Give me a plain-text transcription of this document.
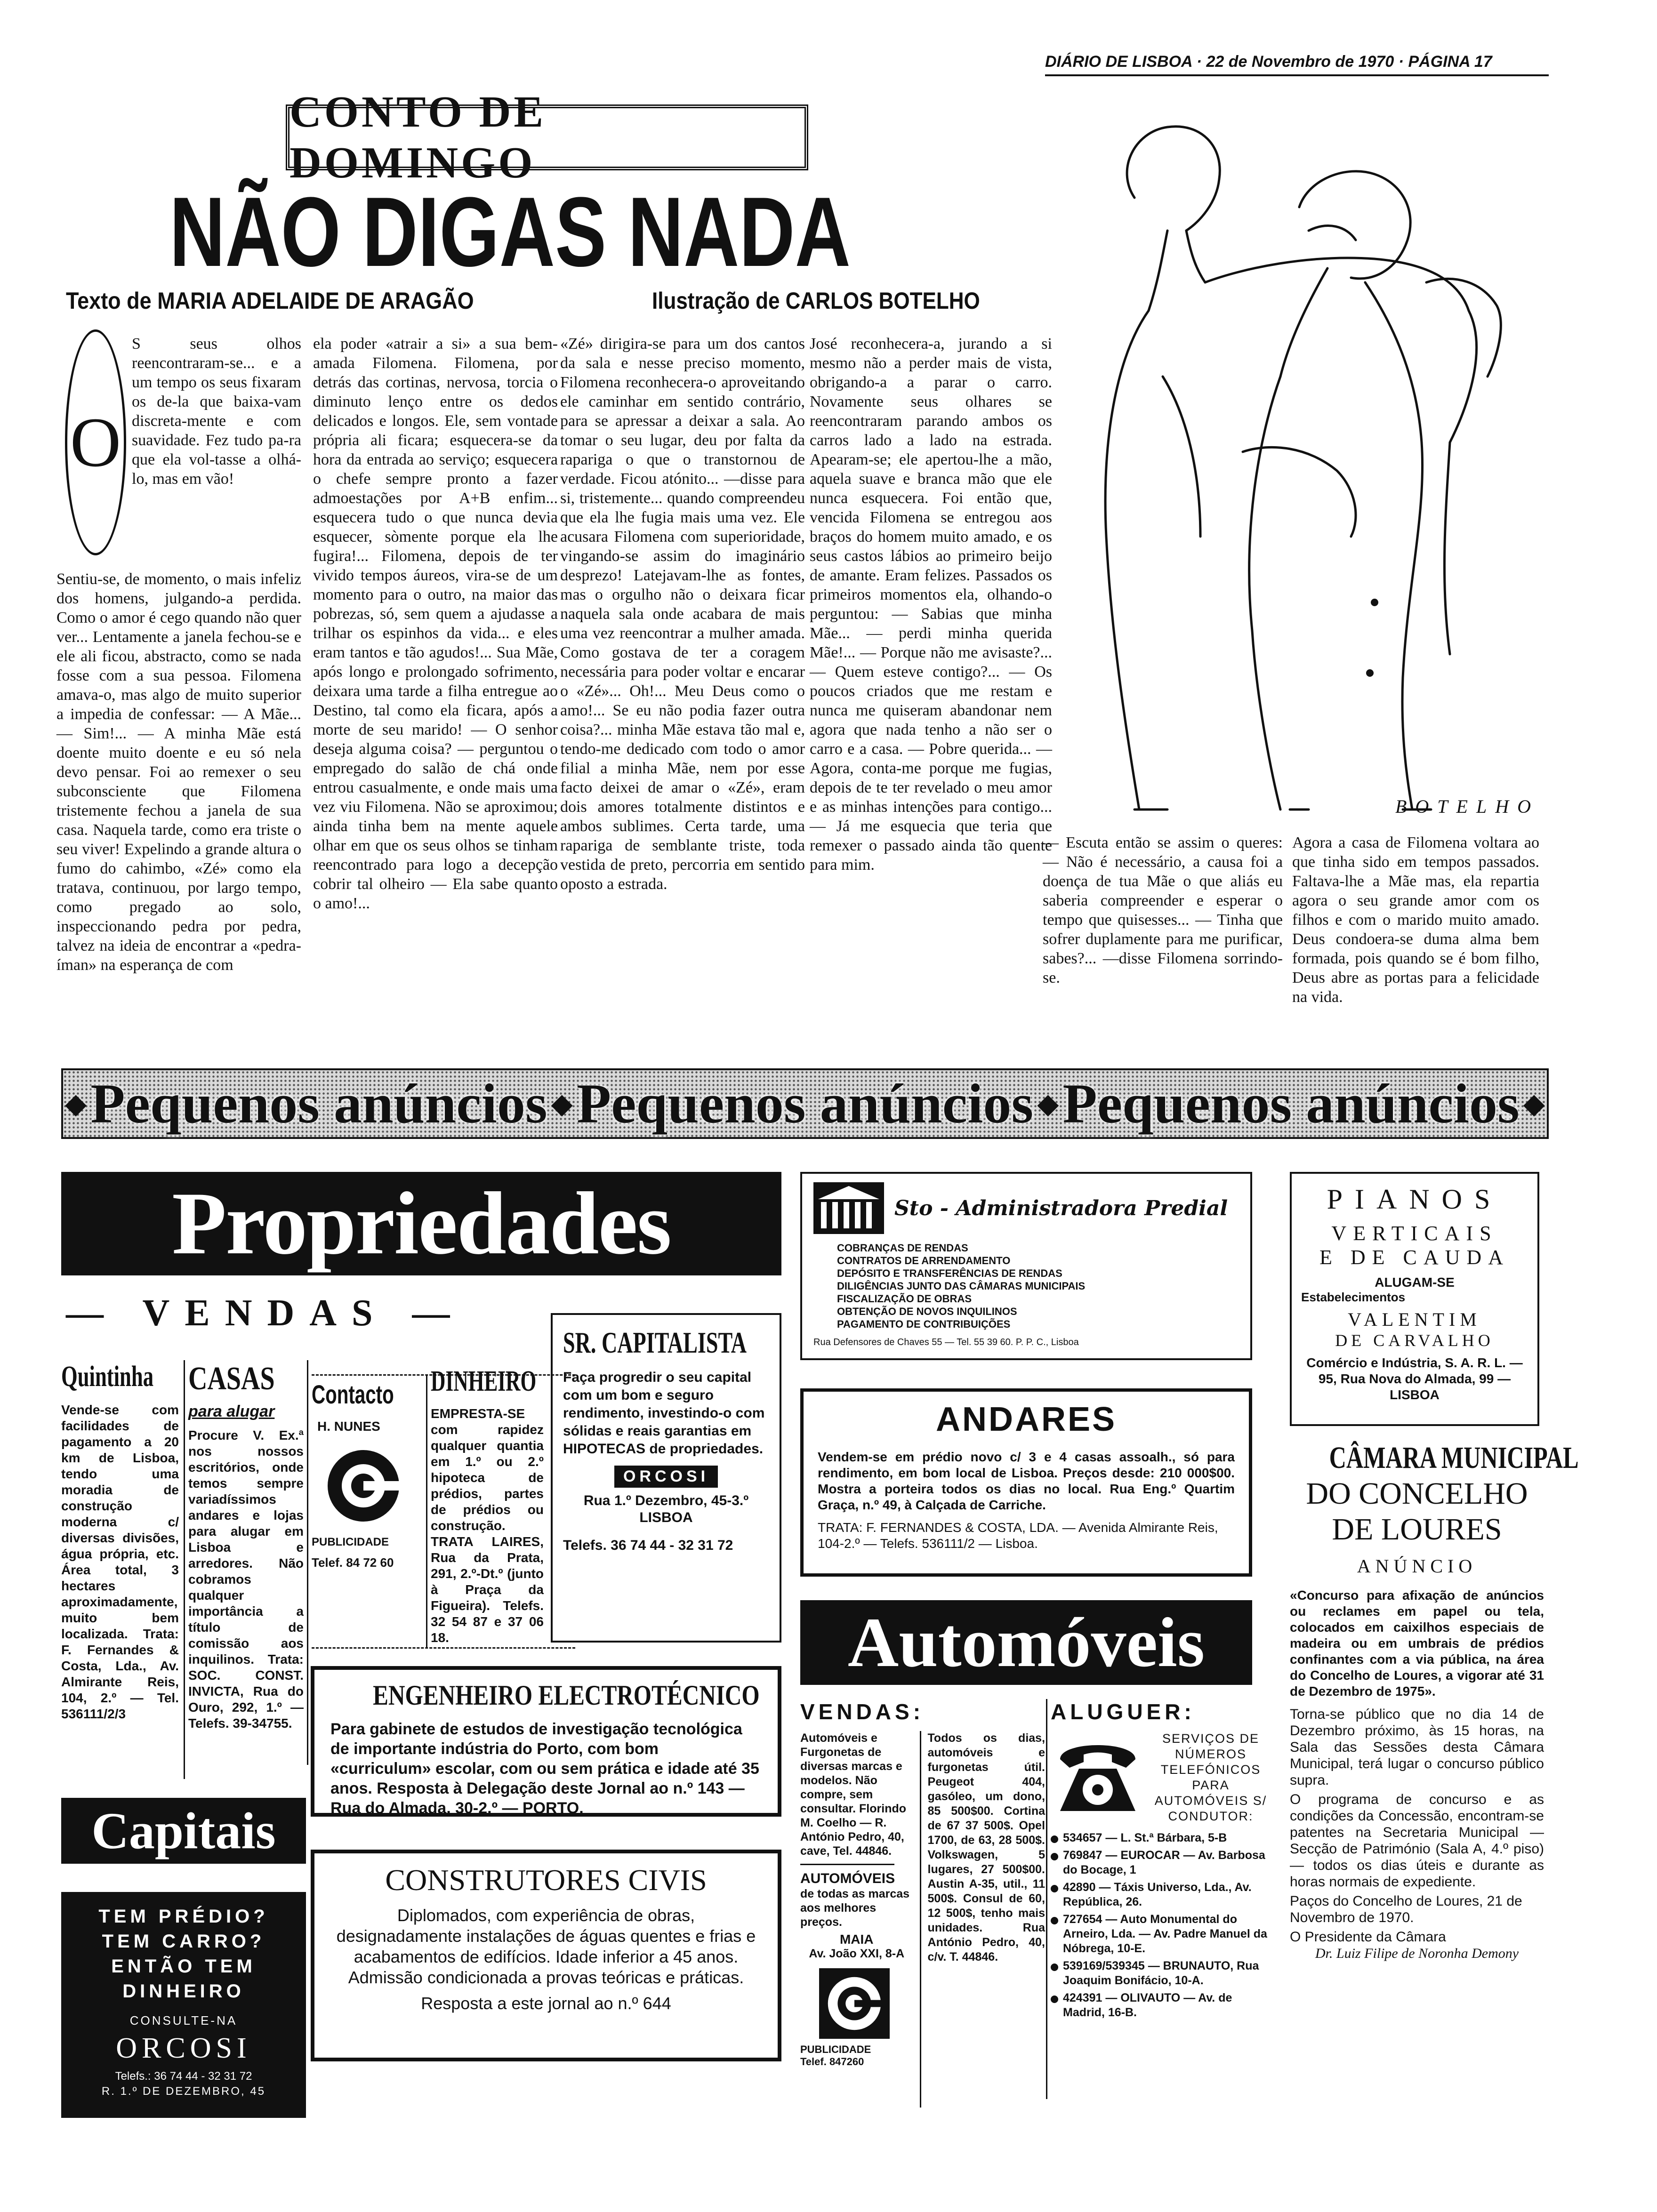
DIÁRIO DE LISBOA · 22 de Novembro de 1970 · PÁGINA 17
CONTO DE DOMINGO
NÃO DIGAS NADA
Texto de MARIA ADELAIDE DE ARAGÃO	Ilustração de CARLOS BOTELHO
BOTELHO
O
S seus olhos reencontraram-se... e a um tempo os seus fixaram os de-la que baixa-vam discreta-mente e com suavidade. Fez tudo pa-ra que ela vol-tasse a olhá-lo, mas em vão!
Sentiu-se, de momento, o mais infeliz dos homens, julgando-a perdida. Como o amor é cego quando não quer ver... Lentamente a janela fechou-se e ele ali ficou, abstracto, como se nada fosse com a sua pessoa. Filomena amava-o, mas algo de muito superior a impedia de confessar: — A Mãe... — Sim!... — A minha Mãe está doente muito doente e eu só nela devo pensar. Foi ao remexer o seu subconsciente que Filomena tristemente fechou a janela de sua casa. Naquela tarde, como era triste o seu viver! Expelindo a grande altura o fumo do cahimbo, «Zé» como ela tratava, continuou, por largo tempo, como pregado ao solo, inspeccionando pedra por pedra, talvez na ideia de encontrar a «pedra-íman» na esperança de com
ela poder «atrair a si» a sua bem-amada Filomena. Filomena, por detrás das cortinas, nervosa, torcia o diminuto lenço entre os dedos delicados e longos. Ele, sem vontade própria ali ficara; esquecera-se da hora da entrada ao serviço; esquecera o chefe sempre pronto a fazer admoestações por A+B enfim... esquecera tudo o que nunca devia esquecer, sòmente porque ela lhe fugira!... Filomena, depois de ter vivido tempos áureos, vira-se de um momento para o outro, na maior das pobrezas, só, sem quem a ajudasse a trilhar os espinhos da vida... e eles eram tantos e tão agudos!... Sua Mãe, após longo e prolongado sofrimento, deixara uma tarde a filha entregue ao Destino, tal como ela ficara, após a morte de seu marido! — O senhor deseja alguma coisa? — perguntou o empregado do salão de chá onde entrou casualmente, e onde mais uma vez viu Filomena. Não se aproximou; ainda tinha bem na mente aquele olhar em que os seus olhos se tinham reencontrado para logo a decepção cobrir tal olheiro — Ela sabe quanto o amo!...
«Zé» dirigira-se para um dos cantos da sala e nesse preciso momento, Filomena reconhecera-o aproveitando ele caminhar em sentido contrário, para se apressar a deixar a sala. Ao tomar o seu lugar, deu por falta da rapariga o que o transtornou de verdade. Ficou atónito... —disse para si, tristemente... quando compreendeu que ela lhe fugia mais uma vez. Ele acusara Filomena com superioridade, vingando-se assim do imaginário desprezo! Latejavam-lhe as fontes, mas o orgulho não o deixara ficar naquela sala onde acabara de mais uma vez reencontrar a mulher amada. Como gostava de ter a coragem necessária para poder voltar e encarar o «Zé»... Oh!... Meu Deus como o amo!... Se eu não podia fazer outra coisa?... minha Mãe estava tão mal e, tendo-me dedicado com todo o amor filial a minha Mãe, nem por esse facto deixei de amar o «Zé», eram dois amores totalmente distintos e ambos sublimes. Certa tarde, uma rapariga de semblante triste, toda vestida de preto, percorria em sentido oposto a estrada.
José reconhecera-a, jurando a si mesmo não a perder mais de vista, obrigando-a a parar o carro. Novamente seus olhares se reencontraram parando ambos os carros lado a lado na estrada. Apearam-se; ele apertou-lhe a mão, aquela suave e branca mão que ele nunca esquecera. Foi então que, vencida Filomena se entregou aos braços do homem muito amado, e os seus castos lábios ao primeiro beijo de amante. Eram felizes. Passados os primeiros momentos ela, olhando-o perguntou: — Sabias que minha Mãe... — perdi minha querida Mãe!... — Porque não me avisaste?... — Quem esteve contigo?... — Os poucos criados que me restam e nunca me quiseram abandonar nem agora que nada tenho a não ser o carro e a casa. — Pobre querida... — Agora, conta-me porque me fugias, depois de te ter revelado o meu amor e as minhas intenções para contigo... — Já me esquecia que teria que remexer o passado ainda tão quente para mim.
— Escuta então se assim o queres: — Não é necessário, a causa foi a doença de tua Mãe o que aliás eu saberia compreender e esperar o tempo que quisesses... — Tinha que sofrer duplamente para me purificar, sabes?... —disse Filomena sorrindo-se.
Agora a casa de Filomena voltara ao que tinha sido em tempos passados. Faltava-lhe a Mãe mas, ela repartia agora o seu grande amor com os filhos e com o marido muito amado. Deus condoera-se duma alma bem formada, pois quando se é bom filho, Deus abre as portas para a felicidade na vida.
◆ Pequenos anúncios ◆ Pequenos anúncios ◆ Pequenos anúncios ◆
Propriedades
— VENDAS —
Quintinha
Vende-se com facilidades de pagamento a 20 km de Lisboa, tendo uma moradia de construção moderna c/ diversas divisões, água própria, etc. Área total, 3 hectares aproximadamente, muito bem localizada. Trata: F. Fernandes & Costa, Lda., Av. Almirante Reis, 104, 2.º — Tel. 536111/2/3
CASAS
para alugar
Procure V. Ex.ª nos nossos escritórios, onde temos sempre variadíssimos andares e lojas para alugar em Lisboa e arredores. Não cobramos qualquer importância a título de comissão aos inquilinos. Trata: SOC. CONST. INVICTA, Rua do Ouro, 292, 1.º — Telefs. 39-34755.
Contacto
H. NUNES
PUBLICIDADE
Telef. 84 72 60
DINHEIRO
EMPRESTA-SE com rapidez qualquer quantia em 1.º ou 2.º hipoteca de prédios, partes de prédios ou construção. TRATA LAIRES, Rua da Prata, 291, 2.º-Dt.º (junto à Praça da Figueira). Telefs. 32 54 87 e 37 06 18.
SR. CAPITALISTA
Faça progredir o seu capital com um bom e seguro rendimento, investindo-o com sólidas e reais garantias em HIPOTECAS de propriedades.
ORCOSI
Rua 1.º Dezembro, 45-3.º LISBOA
Telefs. 36 74 44 - 32 31 72
Capitais
TEM PRÉDIO?
TEM CARRO?
ENTÃO TEM
DINHEIRO
CONSULTE-NA
ORCOSI
Telefs.: 36 74 44 - 32 31 72
R. 1.º DE DEZEMBRO, 45
ENGENHEIRO ELECTROTÉCNICO
Para gabinete de estudos de investigação tecnológica de importante indústria do Porto, com bom «curriculum» escolar, com ou sem prática e idade até 35 anos. Resposta à Delegação deste Jornal ao n.º 143 — Rua do Almada, 30-2.º — PORTO.
CONSTRUTORES CIVIS
Diplomados, com experiência de obras, designadamente instalações de águas quentes e frias e acabamentos de edifícios. Idade inferior a 45 anos. Admissão condicionada a provas teóricas e práticas.
Resposta a este jornal ao n.º 644
Sto - Administradora Predial
COBRANÇAS DE RENDAS
CONTRATOS DE ARRENDAMENTO
DEPÓSITO E TRANSFERÊNCIAS DE RENDAS
DILIGÊNCIAS JUNTO DAS CÂMARAS MUNICIPAIS
FISCALIZAÇÃO DE OBRAS
OBTENÇÃO DE NOVOS INQUILINOS
PAGAMENTO DE CONTRIBUIÇÕES
Rua Defensores de Chaves 55 — Tel. 55 39 60. P. P. C., Lisboa
PIANOS
VERTICAIS
E DE CAUDA
ALUGAM-SE
Estabelecimentos
VALENTIM
DE CARVALHO
Comércio e Indústria, S. A. R. L. — 95, Rua Nova do Almada, 99 — LISBOA
ANDARES
Vendem-se em prédio novo c/ 3 e 4 casas assoalh., só para rendimento, em bom local de Lisboa. Preços desde: 210 000$00. Mostra a porteira todos os dias no local. Rua Eng.º Quartim Graça, n.º 49, à Calçada de Carriche.
TRATA: F. FERNANDES & COSTA, LDA. — Avenida Almirante Reis, 104-2.º — Telefs. 536111/2 — Lisboa.
Automóveis
VENDAS:
Automóveis e Furgonetas de diversas marcas e modelos. Não compre, sem consultar. Florindo M. Coelho — R. António Pedro, 40, cave, Tel. 44846.
AUTOMÓVEIS
de todas as marcas aos melhores preços.
MAIA
Av. João XXI, 8-A
PUBLICIDADE
Telef. 847260
Todos os dias, automóveis e furgonetas útil. Peugeot 404, gasóleo, um dono, 85 500$00. Cortina de 67 37 500$. Opel 1700, de 63, 28 500$. Volkswagen, 5 lugares, 27 500$00. Austin A-35, util., 11 500$. Consul de 60, 12 500$, tenho mais unidades. Rua António Pedro, 40, c/v. T. 44846.
ALUGUER:
SERVIÇOS DE NÚMEROS TELEFÓNICOS PARA AUTOMÓVEIS S/ CONDUTOR:
534657 — L. St.ª Bárbara, 5-B
769847 — EUROCAR — Av. Barbosa do Bocage, 1
42890 — Táxis Universo, Lda., Av. República, 26.
727654 — Auto Monumental do Arneiro, Lda. — Av. Padre Manuel da Nóbrega, 10-E.
539169/539345 — BRUNAUTO, Rua Joaquim Bonifácio, 10-A.
424391 — OLIVAUTO — Av. de Madrid, 16-B.
CÂMARA MUNICIPAL
DO CONCELHO
DE LOURES
ANÚNCIO
«Concurso para afixação de anúncios ou reclames em papel ou tela, colocados em caixilhos especiais de madeira ou em umbrais de prédios confinantes com a via pública, na área do Concelho de Loures, a vigorar até 31 de Dezembro de 1975».
Torna-se público que no dia 14 de Dezembro próximo, às 15 horas, na Sala das Sessões desta Câmara Municipal, terá lugar o concurso público supra.
O programa de concurso e as condições da Concessão, encontram-se patentes na Secretaria Municipal — Secção de Património (Sala A, 4.º piso) — todos os dias úteis e durante as horas normais de expediente.
Paços do Concelho de Loures, 21 de Novembro de 1970.
O Presidente da Câmara
Dr. Luiz Filipe de Noronha Demony
